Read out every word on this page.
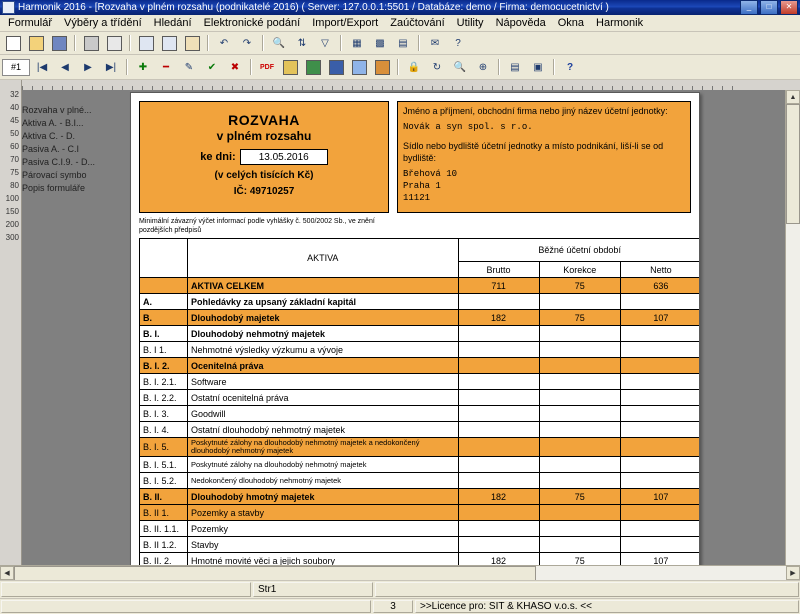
Harmonik 2016 - [Rozvaha v plném rozsahu (podnikatelé 2016) ( Server: 127.0.0.1:5501 / Databáze: demo / Firma: democucetnictví )	_	□	✕
Formulář	Výběry a třídění	Hledání	Elektronické podání	Import/Export	Zaúčtování	Utility	Nápověda	Okna	Harmonik
↶	↷	🔍	⇅	▽	▦	▩	▤	✉	?
#1	|◀	◀	▶	▶|	✚	━	✎	✔	✖	PDF	🔒	↻	🔍	⊕	▤	▣	?
32
40
45
50
60
70
75
80
100
150
200
300
Rozvaha v plné...
Aktiva A. - B.I...
Aktiva C. - D.
Pasiva A. - C.I
Pasiva C.I.9. - D...
Párovací symbo
Popis formuláře
ROZVAHA
v plném rozsahu
ke dni:	13.05.2016
(v celých tisících Kč)
IČ: 49710257
Jméno a příjmení, obchodní firma nebo jiný název účetní jednotky:
Novák a syn spol. s r.o.
Sídlo nebo bydliště účetní jednotky a místo podnikání, liší-li se od bydliště:
Břehová 10
Praha 1
11121
Minimální závazný výčet informací podle vyhlášky č. 500/2002 Sb., ve znění pozdějších předpisů
	AKTIVA	Běžné účetní období	
		Brutto	Korekce	Netto	
	AKTIVA CELKEM	711	75	636	
A.	Pohledávky za upsaný základní kapitál				
B.	Dlouhodobý majetek	182	75	107	
B. I.	Dlouhodobý nehmotný majetek				
B. I 1.	Nehmotné výsledky výzkumu a vývoje				
B. I. 2.	Ocenitelná práva				
B. I. 2.1.	Software				
B. I. 2.2.	Ostatní ocenitelná práva				
B. I. 3.	Goodwill				
B. I. 4.	Ostatní dlouhodobý nehmotný majetek				
B. I. 5.	Poskytnuté zálohy na dlouhodobý nehmotný majetek a nedokončený dlouhodobý nehmotný majetek				
B. I. 5.1.	Poskytnuté zálohy na dlouhodobý nehmotný majetek				
B. I. 5.2.	Nedokončený dlouhodobý nehmotný majetek				
B. II.	Dlouhodobý hmotný majetek	182	75	107	
B. II 1.	Pozemky a stavby				
B. II. 1.1.	Pozemky				
B. II 1.2.	Stavby				
B. II. 2.	Hmotné movité věci a jejich soubory	182	75	107	

▲
◀	▶
Str1
3	>>Licence pro: SIT & KHASO v.o.s. <<
